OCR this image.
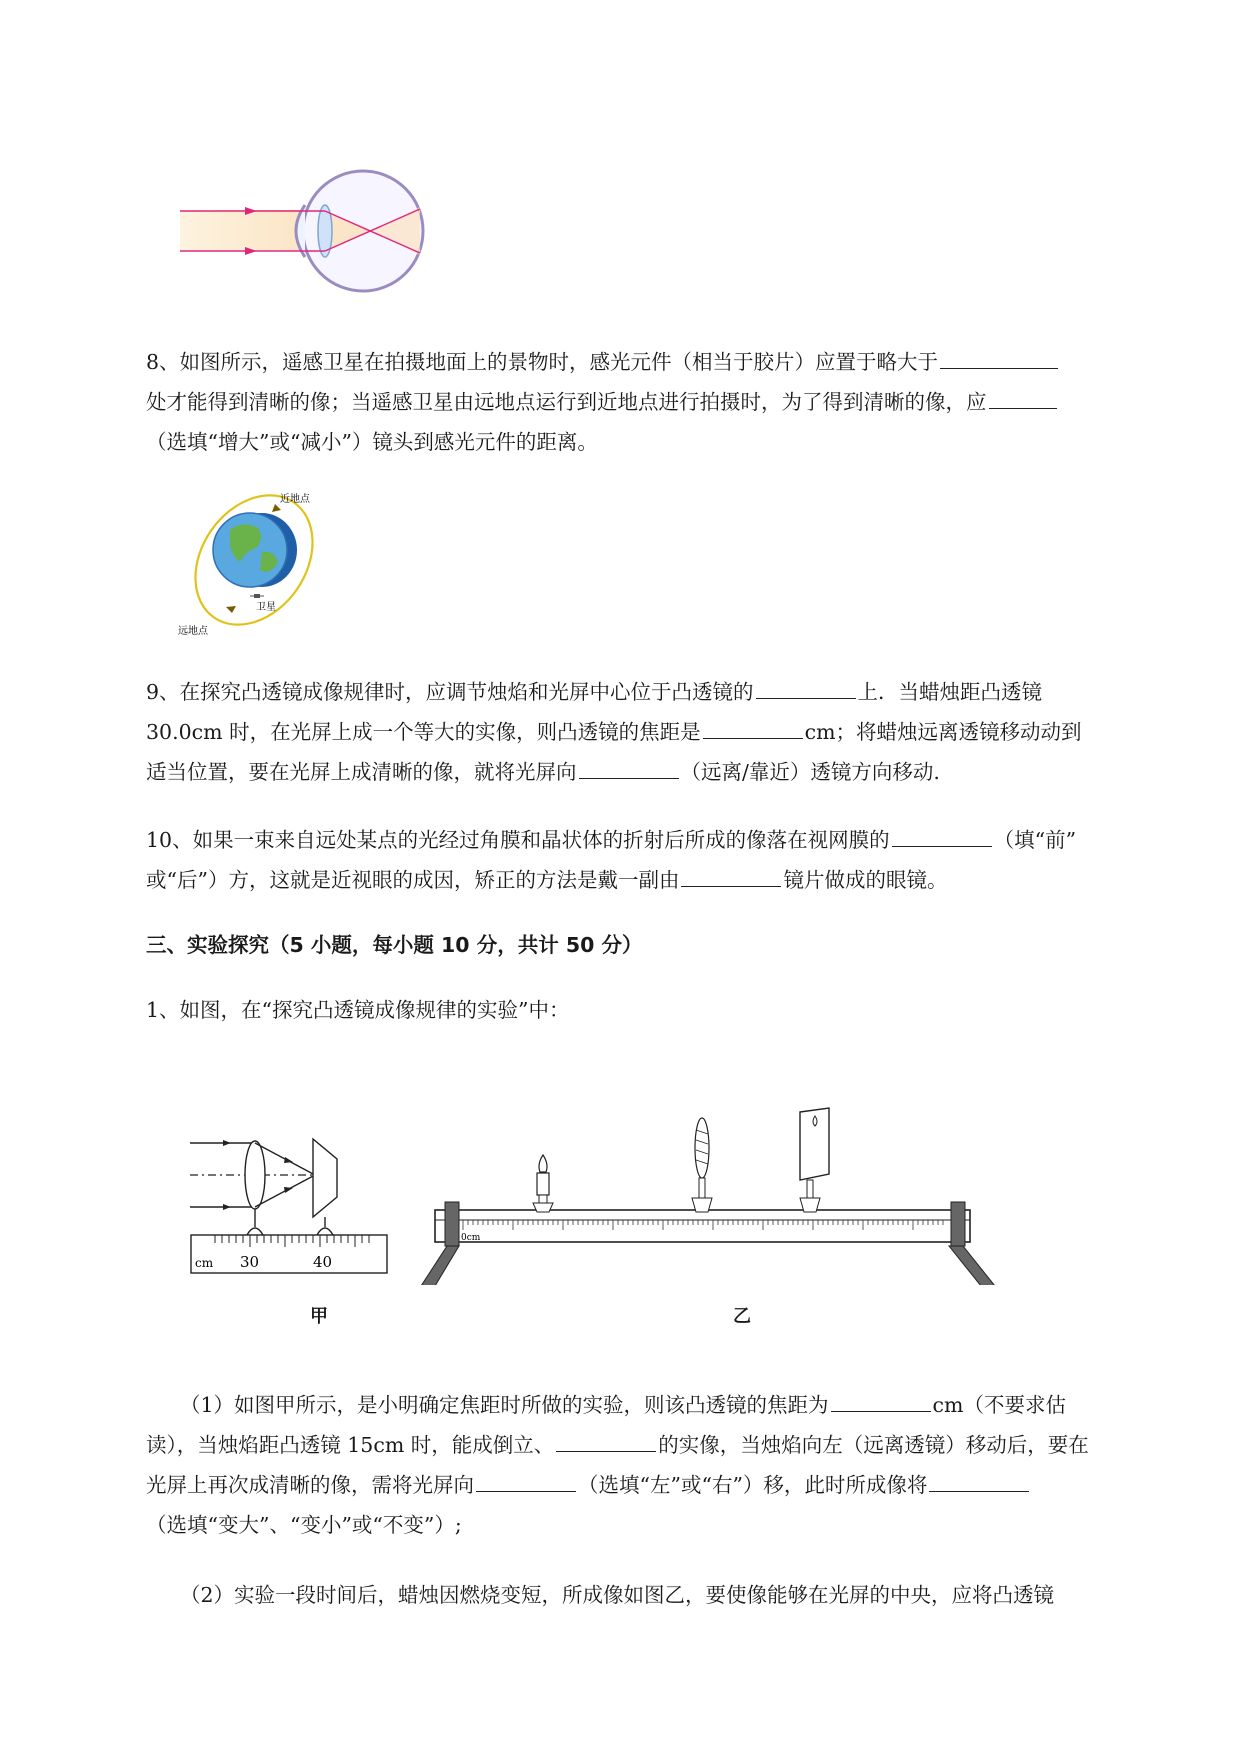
8、如图所示，遥感卫星在拍摄地面上的景物时，感光元件（相当于胶片）应置于略大于
处才能得到清晰的像；当遥感卫星由远地点运行到近地点进行拍摄时，为了得到清晰的像，应
（选填“增大”或“减小”）镜头到感光元件的距离。
近地点
卫星
远地点
9、在探究凸透镜成像规律时，应调节烛焰和光屏中心位于凸透镜的	上．当蜡烛距凸透镜
30.0cm 时，在光屏上成一个等大的实像，则凸透镜的焦距是	cm；将蜡烛远离透镜移动动到
适当位置，要在光屏上成清晰的像，就将光屏向	（远离/靠近）透镜方向移动.
10、如果一束来自远处某点的光经过角膜和晶状体的折射后所成的像落在视网膜的	（填“前”
或“后”）方，这就是近视眼的成因，矫正的方法是戴一副由	镜片做成的眼镜。
三、实验探究（5 小题，每小题 10 分，共计 50 分）
1、如图，在“探究凸透镜成像规律的实验”中：
cm 30	40
0cm
甲	乙
（1）如图甲所示，是小明确定焦距时所做的实验，则该凸透镜的焦距为	cm（不要求估
读），当烛焰距凸透镜 15cm 时，能成倒立、	的实像，当烛焰向左（远离透镜）移动后，要在
光屏上再次成清晰的像，需将光屏向	（选填“左”或“右”）移，此时所成像将
（选填“变大”、“变小”或“不变”）;
（2）实验一段时间后，蜡烛因燃烧变短，所成像如图乙，要使像能够在光屏的中央，应将凸透镜
